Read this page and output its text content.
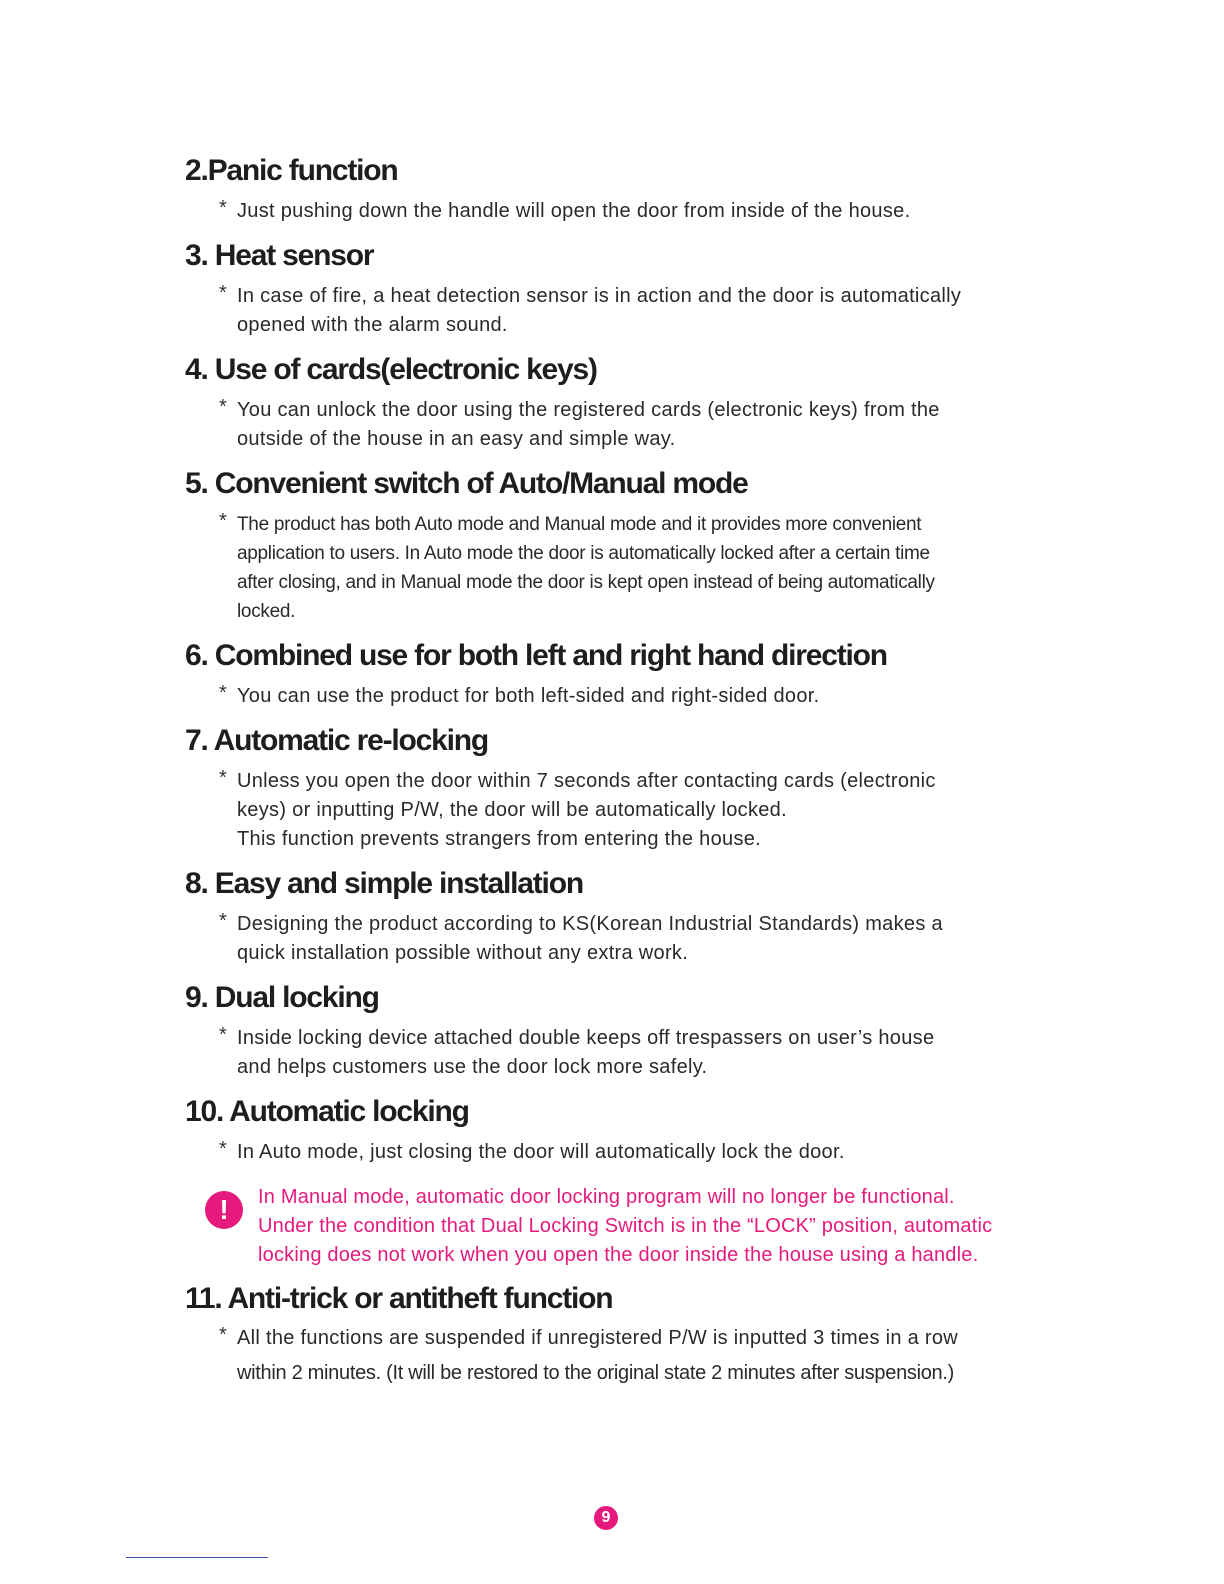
2.Panic function
* Just pushing down the handle will open the door from inside of the house.
3. Heat sensor
* In case of fire, a heat detection sensor is in action and the door is automatically
opened with the alarm sound.
4. Use of cards(electronic keys)
* You can unlock the door using the registered cards (electronic keys) from the
outside of the house in an easy and simple way.
5. Convenient switch of Auto/Manual mode
* The product has both Auto mode and Manual mode and it provides more convenient
application to users. In Auto mode the door is automatically locked after a certain time
after closing, and in Manual mode the door is kept open instead of being automatically
locked.
6. Combined use for both left and right hand direction
* You can use the product for both left-sided and right-sided door.
7. Automatic re-locking
* Unless you open the door within 7 seconds after contacting cards (electronic
keys) or inputting P/W, the door will be automatically locked.
This function prevents strangers from entering the house.
8. Easy and simple installation
* Designing the product according to KS(Korean Industrial Standards) makes a
quick installation possible without any extra work.
9. Dual locking
* Inside locking device attached double keeps off trespassers on user’s house
and helps customers use the door lock more safely.
10. Automatic locking
* In Auto mode, just closing the door will automatically lock the door.
!	In Manual mode, automatic door locking program will no longer be functional.
Under the condition that Dual Locking Switch is in the “LOCK” position, automatic
locking does not work when you open the door inside the house using a handle.
11. Anti-trick or antitheft function
* All the functions are suspended if unregistered P/W is inputted 3 times in a row
within 2 minutes. (It will be restored to the original state 2 minutes after suspension.)
9
